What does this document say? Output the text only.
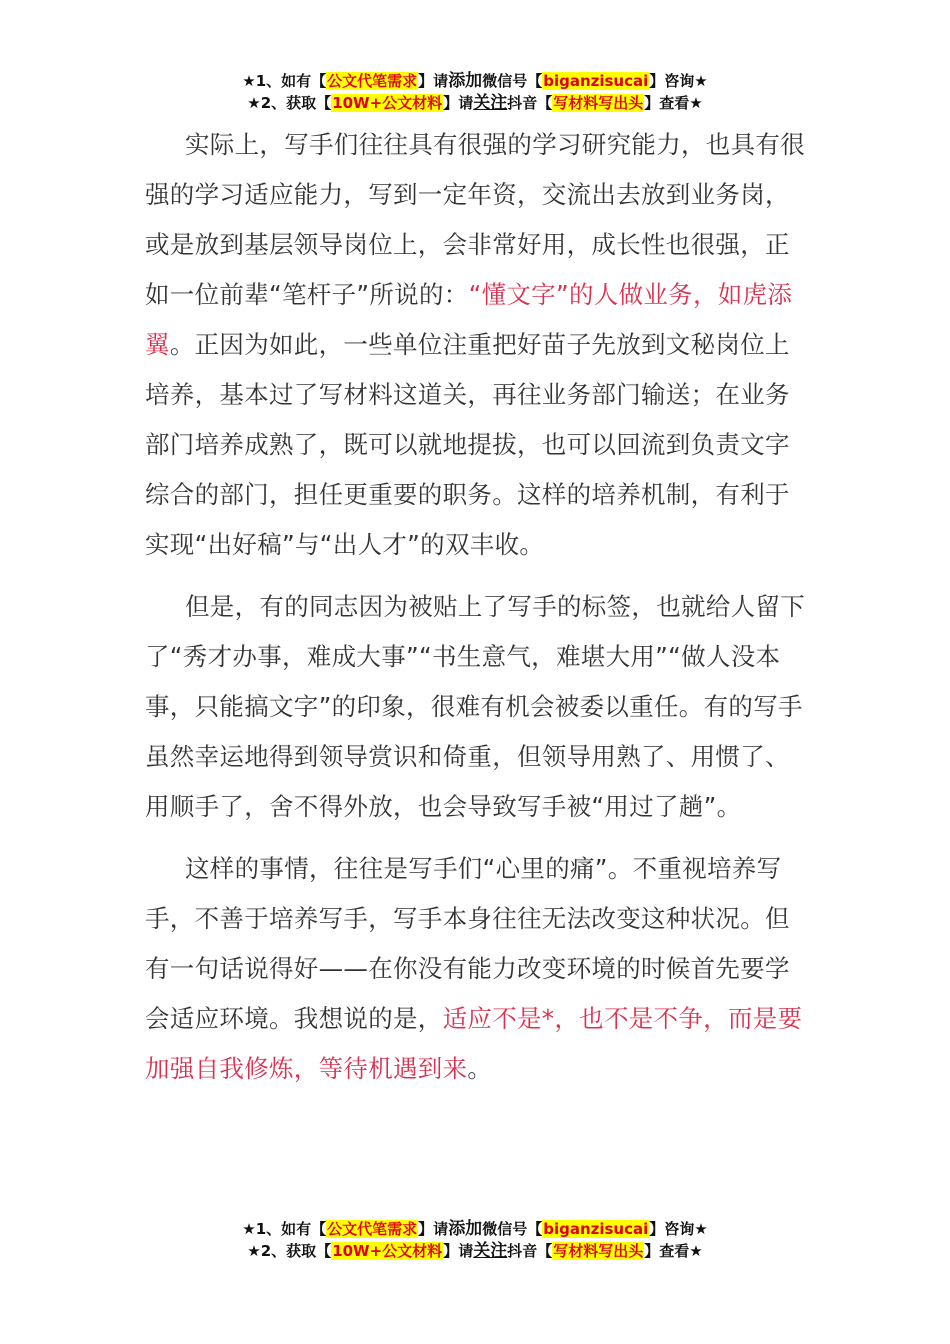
★1、如有【公文代笔需求】请添加微信号【biganzisucai】咨询★
★2、获取【10W+公文材料】请关注抖音【写材料写出头】查看★

实际上，写手们往往具有很强的学习研究能力，也具有很强的学习适应能力，写到一定年资，交流出去放到业务岗，或是放到基层领导岗位上，会非常好用，成长性也很强，正如一位前辈“笔杆子”所说的：“懂文字”的人做业务，如虎添翼。正因为如此，一些单位注重把好苗子先放到文秘岗位上培养，基本过了写材料这道关，再往业务部门输送；在业务部门培养成熟了，既可以就地提拔，也可以回流到负责文字综合的部门，担任更重要的职务。这样的培养机制，有利于实现“出好稿”与“出人才”的双丰收。

但是，有的同志因为被贴上了写手的标签，也就给人留下了“秀才办事，难成大事”“书生意气，难堪大用”“做人没本事，只能搞文字”的印象，很难有机会被委以重任。有的写手虽然幸运地得到领导赏识和倚重，但领导用熟了、用惯了、用顺手了，舍不得外放，也会导致写手被“用过了趟”。

这样的事情，往往是写手们“心里的痛”。不重视培养写手，不善于培养写手，写手本身往往无法改变这种状况。但有一句话说得好——在你没有能力改变环境的时候首先要学会适应环境。我想说的是，适应不是*，也不是不争，而是要加强自我修炼，等待机遇到来。

★1、如有【公文代笔需求】请添加微信号【biganzisucai】咨询★
★2、获取【10W+公文材料】请关注抖音【写材料写出头】查看★
